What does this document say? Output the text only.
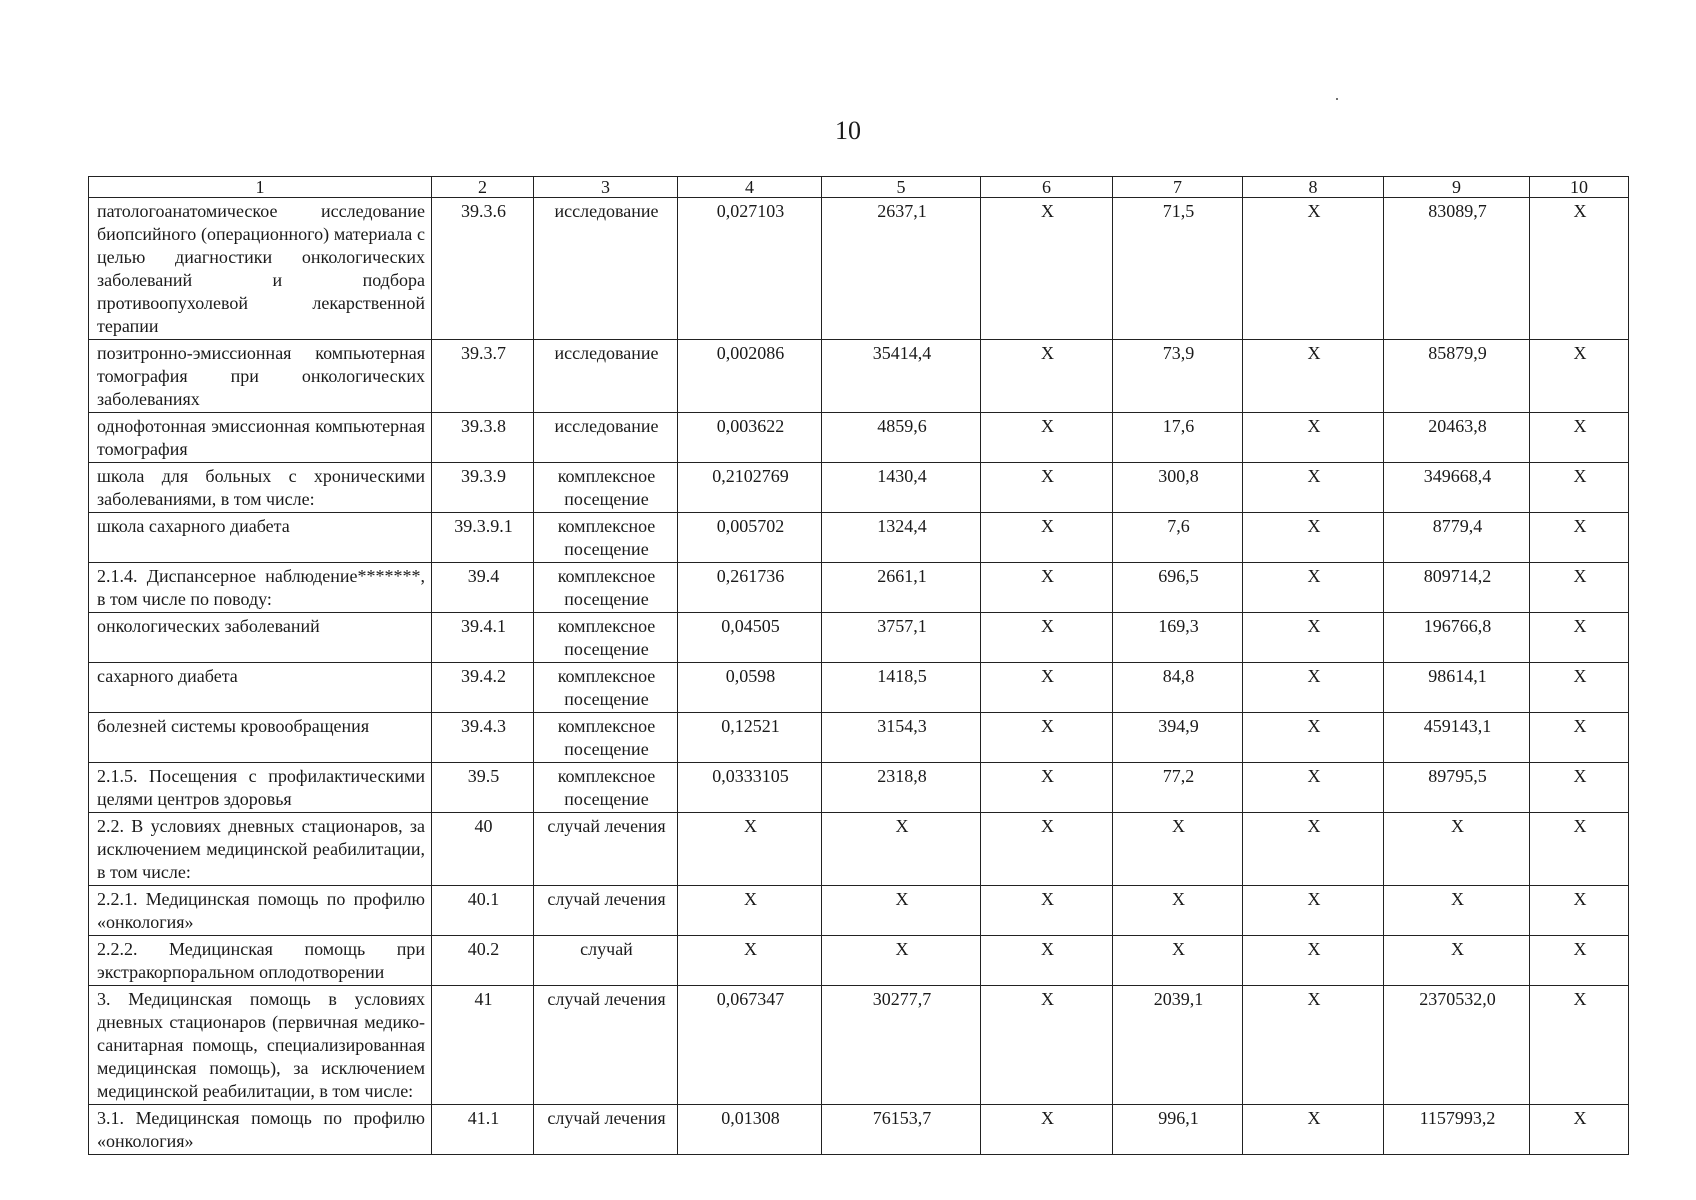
10
1	2	3	4	5	6	7	8	9	10
патологоанатомическое исследование биопсийного (операционного) материала с целью диагностики онкологических заболеваний и подбора противоопухолевой лекарственной терапии	39.3.6	исследование	0,027103	2637,1	X	71,5	X	83089,7	X
позитронно-эмиссионная компьютерная томография при онкологических заболеваниях	39.3.7	исследование	0,002086	35414,4	X	73,9	X	85879,9	X
однофотонная эмиссионная компьютерная томография	39.3.8	исследование	0,003622	4859,6	X	17,6	X	20463,8	X
школа для больных с хроническими заболеваниями, в том числе:	39.3.9	комплексное посещение	0,2102769	1430,4	X	300,8	X	349668,4	X
школа сахарного диабета	39.3.9.1	комплексное посещение	0,005702	1324,4	X	7,6	X	8779,4	X
2.1.4. Диспансерное наблюдение*******, в том числе по поводу:	39.4	комплексное посещение	0,261736	2661,1	X	696,5	X	809714,2	X
онкологических заболеваний	39.4.1	комплексное посещение	0,04505	3757,1	X	169,3	X	196766,8	X
сахарного диабета	39.4.2	комплексное посещение	0,0598	1418,5	X	84,8	X	98614,1	X
болезней системы кровообращения	39.4.3	комплексное посещение	0,12521	3154,3	X	394,9	X	459143,1	X
2.1.5. Посещения с профилактическими целями центров здоровья	39.5	комплексное посещение	0,0333105	2318,8	X	77,2	X	89795,5	X
2.2. В условиях дневных стационаров, за исключением медицинской реабилитации, в том числе:	40	случай лечения	X	X	X	X	X	X	X
2.2.1. Медицинская помощь по профилю «онкология»	40.1	случай лечения	X	X	X	X	X	X	X
2.2.2. Медицинская помощь при экстракорпоральном оплодотворении	40.2	случай	X	X	X	X	X	X	X
3. Медицинская помощь в условиях дневных стационаров (первичная медико-санитарная помощь, специализированная медицинская помощь), за исключением медицинской реабилитации, в том числе:	41	случай лечения	0,067347	30277,7	X	2039,1	X	2370532,0	X
3.1. Медицинская помощь по профилю «онкология»	41.1	случай лечения	0,01308	76153,7	X	996,1	X	1157993,2	X
